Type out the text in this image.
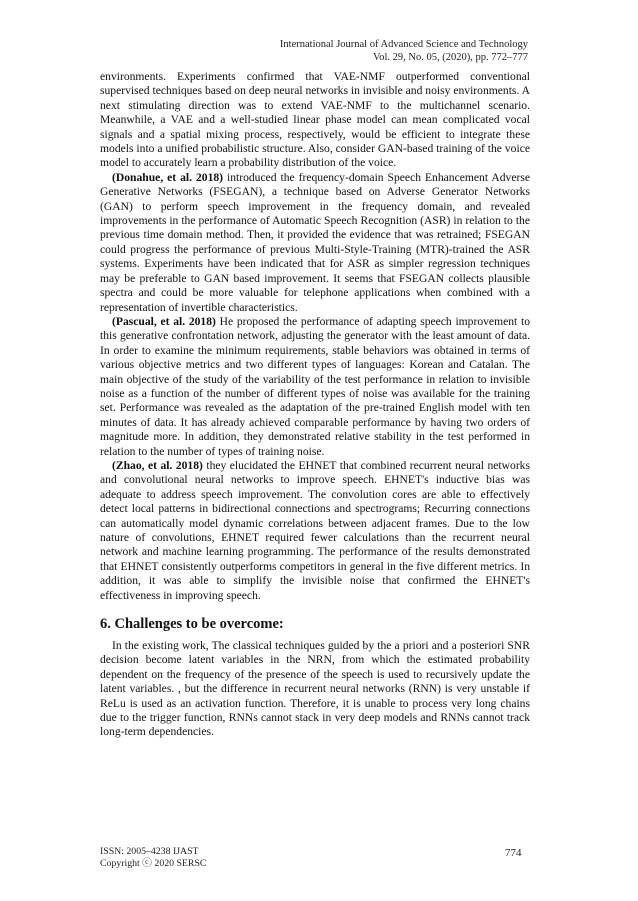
International Journal of Advanced Science and Technology
Vol. 29, No. 05, (2020), pp. 772–777

environments. Experiments confirmed that VAE-NMF outperformed conventional supervised techniques based on deep neural networks in invisible and noisy environments. A next stimulating direction was to extend VAE-NMF to the multichannel scenario. Meanwhile, a VAE and a well-studied linear phase model can mean complicated vocal signals and a spatial mixing process, respectively, would be efficient to integrate these models into a unified probabilistic structure. Also, consider GAN-based training of the voice model to accurately learn a probability distribution of the voice.

(Donahue, et al. 2018) introduced the frequency-domain Speech Enhancement Adverse Generative Networks (FSEGAN), a technique based on Adverse Generator Networks (GAN) to perform speech improvement in the frequency domain, and revealed improvements in the performance of Automatic Speech Recognition (ASR) in relation to the previous time domain method. Then, it provided the evidence that was retrained; FSEGAN could progress the performance of previous Multi-Style-Training (MTR)-trained the ASR systems. Experiments have been indicated that for ASR as simpler regression techniques may be preferable to GAN based improvement. It seems that FSEGAN collects plausible spectra and could be more valuable for telephone applications when combined with a representation of invertible characteristics.

(Pascual, et al. 2018) He proposed the performance of adapting speech improvement to this generative confrontation network, adjusting the generator with the least amount of data. In order to examine the minimum requirements, stable behaviors was obtained in terms of various objective metrics and two different types of languages: Korean and Catalan. The main objective of the study of the variability of the test performance in relation to invisible noise as a function of the number of different types of noise was available for the training set. Performance was revealed as the adaptation of the pre-trained English model with ten minutes of data. It has already achieved comparable performance by having two orders of magnitude more. In addition, they demonstrated relative stability in the test performed in relation to the number of types of training noise.

(Zhao, et al. 2018) they elucidated the EHNET that combined recurrent neural networks and convolutional neural networks to improve speech. EHNET's inductive bias was adequate to address speech improvement. The convolution cores are able to effectively detect local patterns in bidirectional connections and spectrograms; Recurring connections can automatically model dynamic correlations between adjacent frames. Due to the low nature of convolutions, EHNET required fewer calculations than the recurrent neural network and machine learning programming. The performance of the results demonstrated that EHNET consistently outperforms competitors in general in the five different metrics. In addition, it was able to simplify the invisible noise that confirmed the EHNET's effectiveness in improving speech.

6. Challenges to be overcome:

In the existing work, The classical techniques guided by the a priori and a posteriori SNR decision become latent variables in the NRN, from which the estimated probability dependent on the frequency of the presence of the speech is used to recursively update the latent variables. , but the difference in recurrent neural networks (RNN) is very unstable if ReLu is used as an activation function. Therefore, it is unable to process very long chains due to the trigger function, RNNs cannot stack in very deep models and RNNs cannot track long-term dependencies.

ISSN: 2005–4238 IJAST
Copyright ⓒ 2020 SERSC
774
